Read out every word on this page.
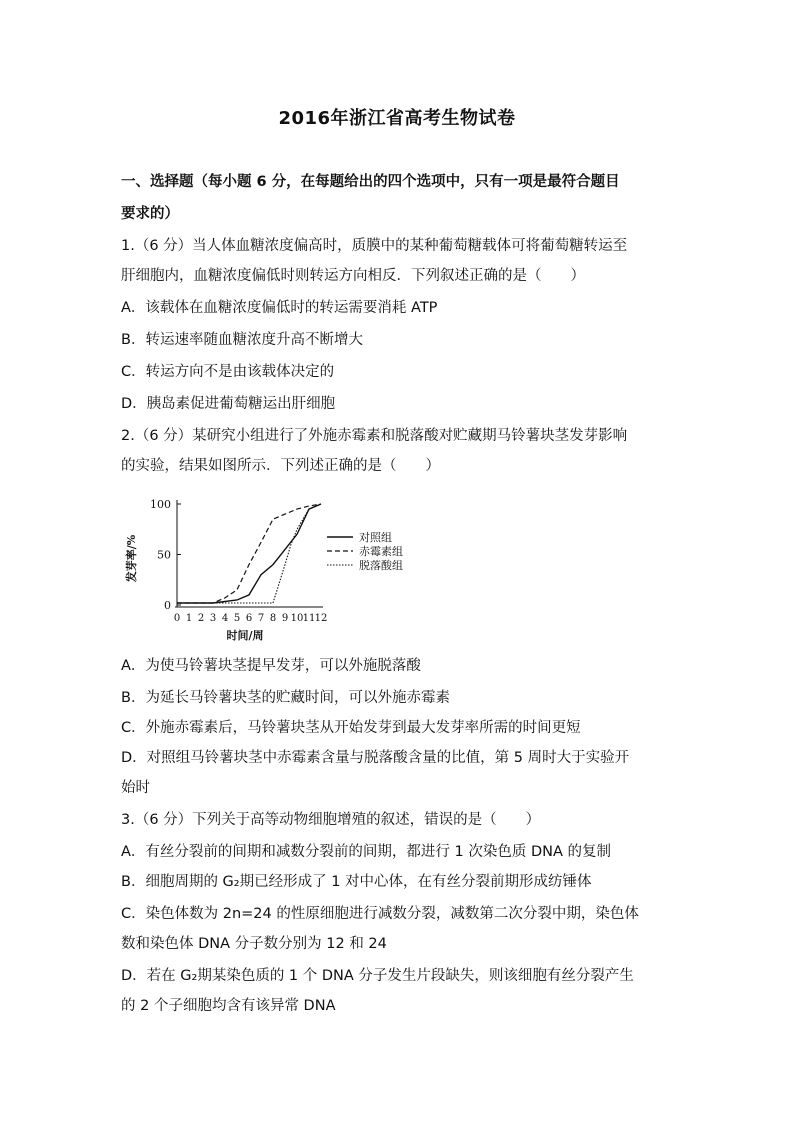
2016年浙江省高考生物试卷
一、选择题（每小题 6 分，在每题给出的四个选项中，只有一项是最符合题目
要求的）
1.（6 分）当人体血糖浓度偏高时，质膜中的某种葡萄糖载体可将葡萄糖转运至
肝细胞内，血糖浓度偏低时则转运方向相反．下列叙述正确的是（　　）
A．该载体在血糖浓度偏低时的转运需要消耗 ATP
B．转运速率随血糖浓度升高不断增大
C．转运方向不是由该载体决定的
D．胰岛素促进葡萄糖运出肝细胞
2.（6 分）某研究小组进行了外施赤霉素和脱落酸对贮藏期马铃薯块茎发芽影响
的实验，结果如图所示．下列述正确的是（　　）
0
50
100
0 1 2 3 4 5 6 7 8 9 10 11 12
时间/周
发芽率/%	对照组
赤霉素组
脱落酸组
A．为使马铃薯块茎提早发芽，可以外施脱落酸
B．为延长马铃薯块茎的贮藏时间，可以外施赤霉素
C．外施赤霉素后，马铃薯块茎从开始发芽到最大发芽率所需的时间更短
D．对照组马铃薯块茎中赤霉素含量与脱落酸含量的比值，第 5 周时大于实验开
始时
3.（6 分）下列关于高等动物细胞增殖的叙述，错误的是（　　）
A．有丝分裂前的间期和减数分裂前的间期，都进行 1 次染色质 DNA 的复制
B．细胞周期的 G₂期已经形成了 1 对中心体，在有丝分裂前期形成纺锤体
C．染色体数为 2n=24 的性原细胞进行减数分裂，减数第二次分裂中期，染色体
数和染色体 DNA 分子数分别为 12 和 24
D．若在 G₂期某染色质的 1 个 DNA 分子发生片段缺失，则该细胞有丝分裂产生
的 2 个子细胞均含有该异常 DNA
